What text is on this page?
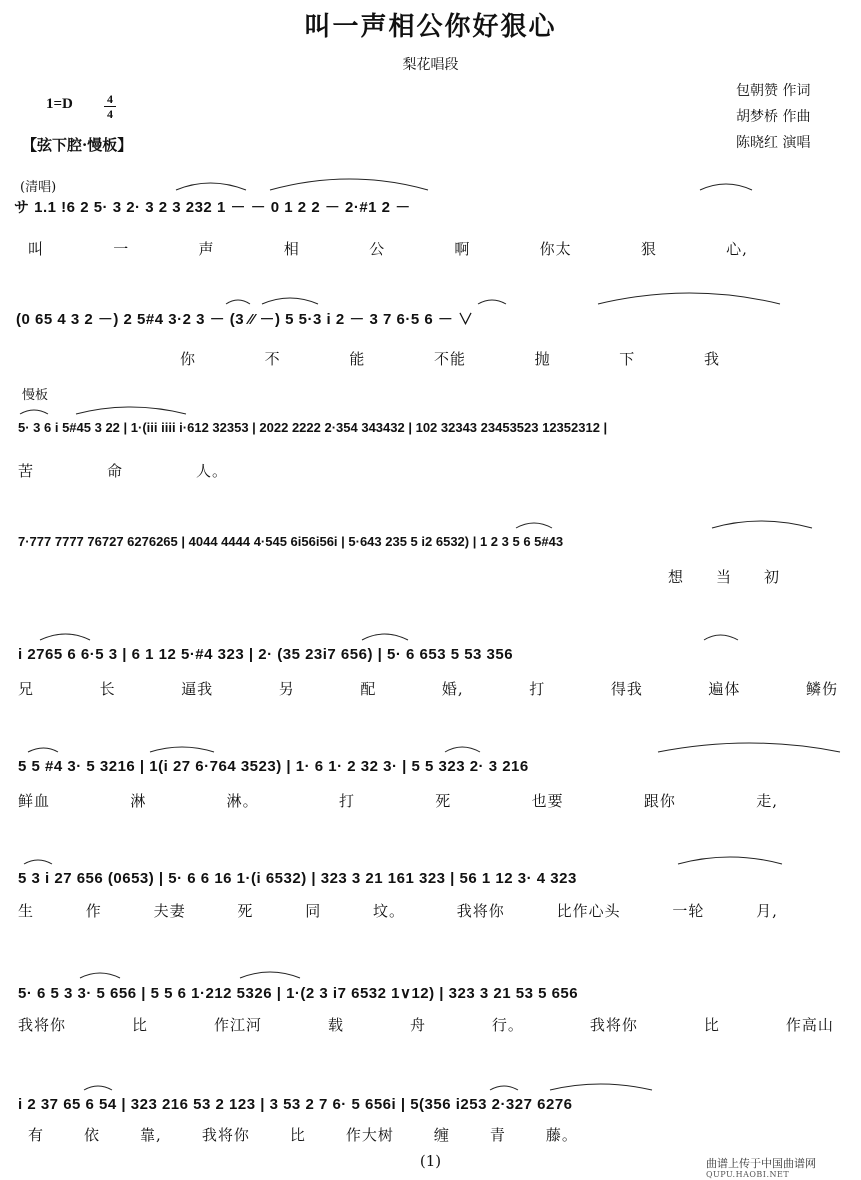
叫一声相公你好狠心
梨花唱段
包朝赞 作词
胡梦桥 作曲
陈晓红 演唱
1=D	4
4
【弦下腔·慢板】
(清唱)
慢板
サ 1.1 !6 2 5· 3 2· 3 2 3 232 1 － － 0 1 2 2 － 2·#1 2 －
叫	一	声	相	公	啊	你太	狠	心,
(0 65 4 3 2 －) 2 5#4 3·2 3 － (3 ⁄⁄ －) 5 5·3 i 2 － 3 7 6·5 6 － ∨
你	不	能	不能	抛	下	我
5· 3 6 i 5#45 3 22 | 1·(iii iiii i·612 32353 | 2022 2222 2·354 343432 | 102 32343 23453523 12352312 |
苦	命	人。
7·777 7777 76727 6276265 | 4044 4444 4·545 6i56i56i | 5·643 235 5 i2 6532) | 1 2 3 5 6 5#43
想 当 初
i 2765 6 6·5 3 | 6 1 12 5·#4 323 | 2· (35 23i7 656) | 5· 6 653 5 53 356
兄	长	逼我	另	配	婚,	打	得我	遍体	鳞伤
5 5 #4 3· 5 3216 | 1(i 27 6·764 3523) | 1· 6 1· 2 32 3· | 5 5 323 2· 3 216
鲜血	淋	淋。	打	死	也要	跟你	走,
5 3 i 27 656 (0653) | 5· 6 6 16 1·(i 6532) | 323 3 21 161 323 | 56 1 12 3· 4 323
生	作	夫妻	死	同	坟。	我将你	比作心头	一轮	月,
5· 6 5 3 3· 5 656 | 5 5 6 1·212 5326 | 1·(2 3 i7 6532 1∨12) | 323 3 21 53 5 656
我将你	比	作江河	载	舟	行。	我将你	比	作高山
i 2 37 65 6 54 | 323 216 53 2 123 | 3 53 2 7 6· 5 656i | 5(356 i253 2·327 6276
有	依	靠,	我将你	比	作大树	缠	青	藤。
(1)	曲谱上传于中国曲谱网
QUPU.HAOBI.NET
